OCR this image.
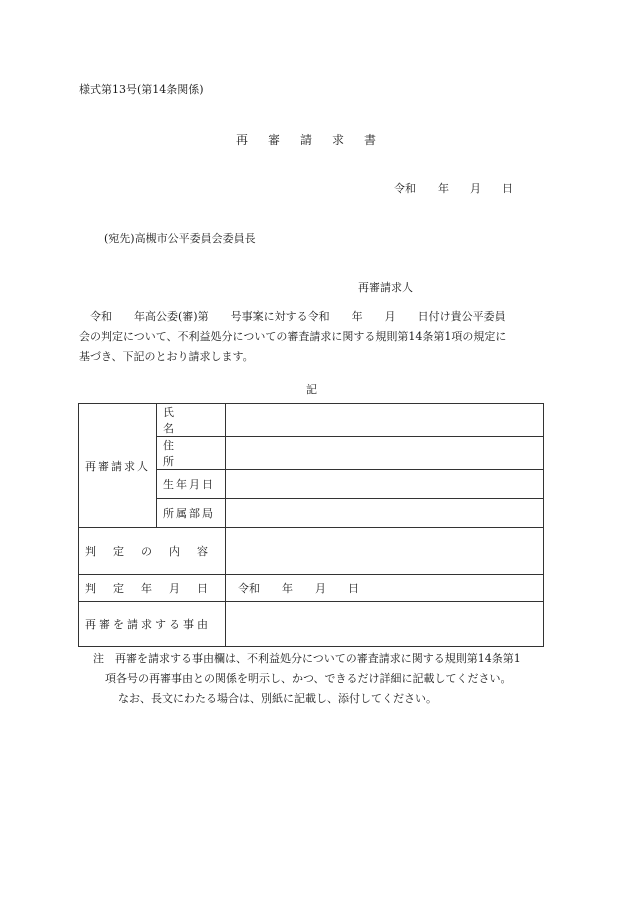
様式第13号(第14条関係)
再審請求書
令和 年 月 日
(宛先)高槻市公平委員会委員長
再審請求人
令和　　年高公委(審)第　　号事案に対する令和　　年　　月　　日付け貴公平委員
会の判定について、不利益処分についての審査請求に関する規則第14条第1項の規定に
基づき、下記のとおり請求します。
記
再審請求人	氏名	
	住所	
	生年月日	
	所属部局	
判定の内容		
判定年月日		令和　　年　　月　　日
再審を請求する事由		
注　再審を請求する事由欄は、不利益処分についての審査請求に関する規則第14条第1
項各号の再審事由との関係を明示し、かつ、できるだけ詳細に記載してください。
なお、長文にわたる場合は、別紙に記載し、添付してください。
